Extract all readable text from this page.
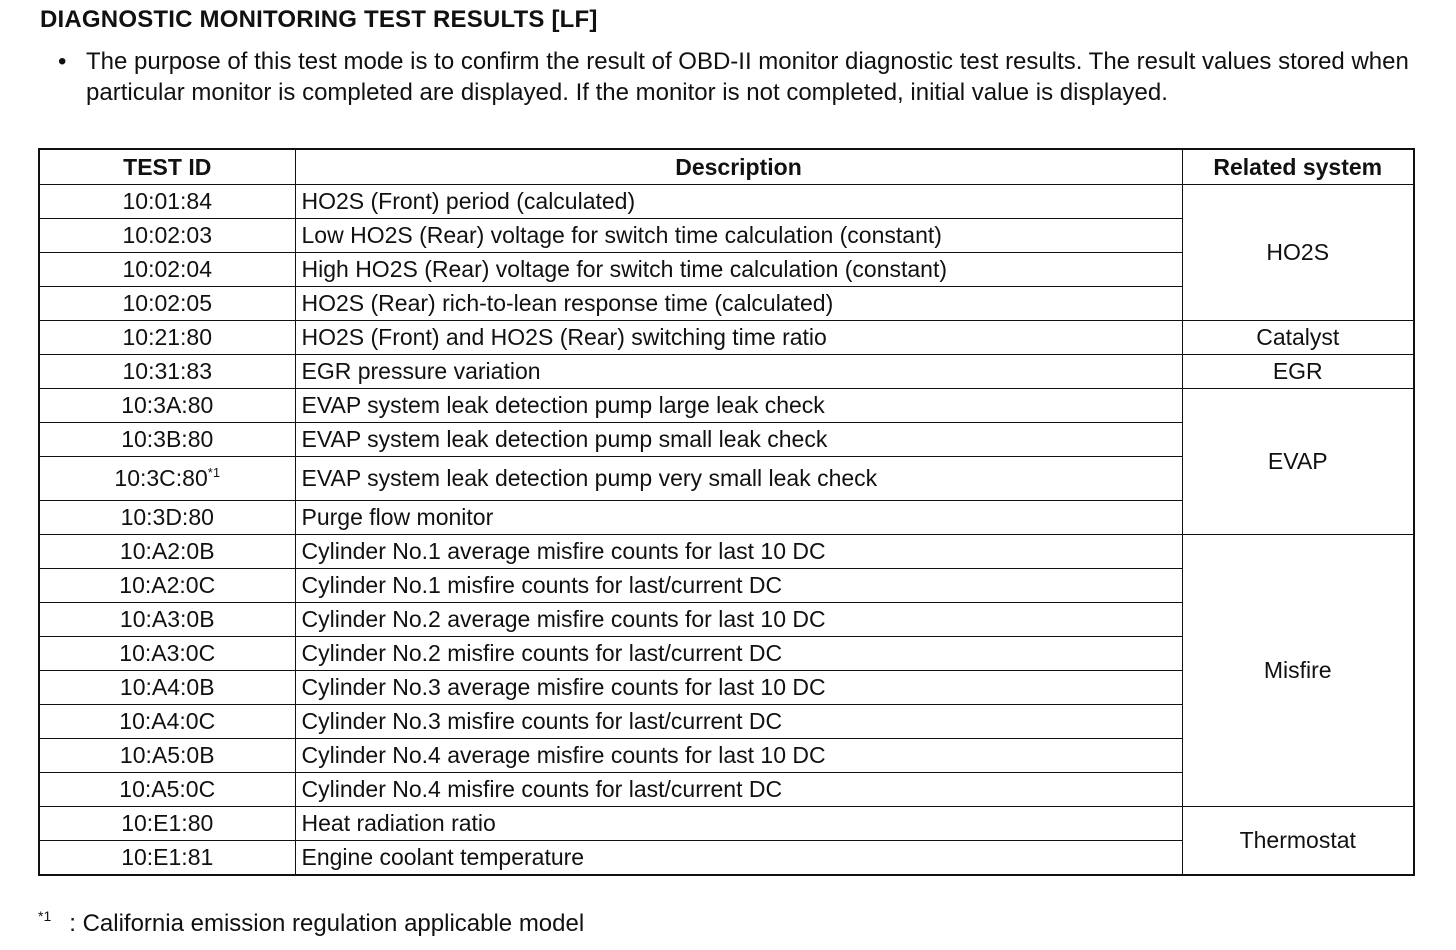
DIAGNOSTIC MONITORING TEST RESULTS [LF]
• The purpose of this test mode is to confirm the result of OBD-II monitor diagnostic test results. The result values stored when particular monitor is completed are displayed. If the monitor is not completed, initial value is displayed.
TEST ID	Description	Related system
10:01:84	HO2S (Front) period (calculated)	HO2S
10:02:03	Low HO2S (Rear) voltage for switch time calculation (constant)	
10:02:04	High HO2S (Rear) voltage for switch time calculation (constant)	
10:02:05	HO2S (Rear) rich-to-lean response time (calculated)	
10:21:80	HO2S (Front) and HO2S (Rear) switching time ratio	Catalyst
10:31:83	EGR pressure variation	EGR
10:3A:80	EVAP system leak detection pump large leak check	EVAP
10:3B:80	EVAP system leak detection pump small leak check	
10:3C:80$^{*1}$	EVAP system leak detection pump very small leak check	
10:3D:80	Purge flow monitor	
10:A2:0B	Cylinder No.1 average misfire counts for last 10 DC	Misfire
10:A2:0C	Cylinder No.1 misfire counts for last/current DC	
10:A3:0B	Cylinder No.2 average misfire counts for last 10 DC	
10:A3:0C	Cylinder No.2 misfire counts for last/current DC	
10:A4:0B	Cylinder No.3 average misfire counts for last 10 DC	
10:A4:0C	Cylinder No.3 misfire counts for last/current DC	
10:A5:0B	Cylinder No.4 average misfire counts for last 10 DC	
10:A5:0C	Cylinder No.4 misfire counts for last/current DC	
10:E1:80	Heat radiation ratio	Thermostat
10:E1:81	Engine coolant temperature	
$^{*1}$ : California emission regulation applicable model
